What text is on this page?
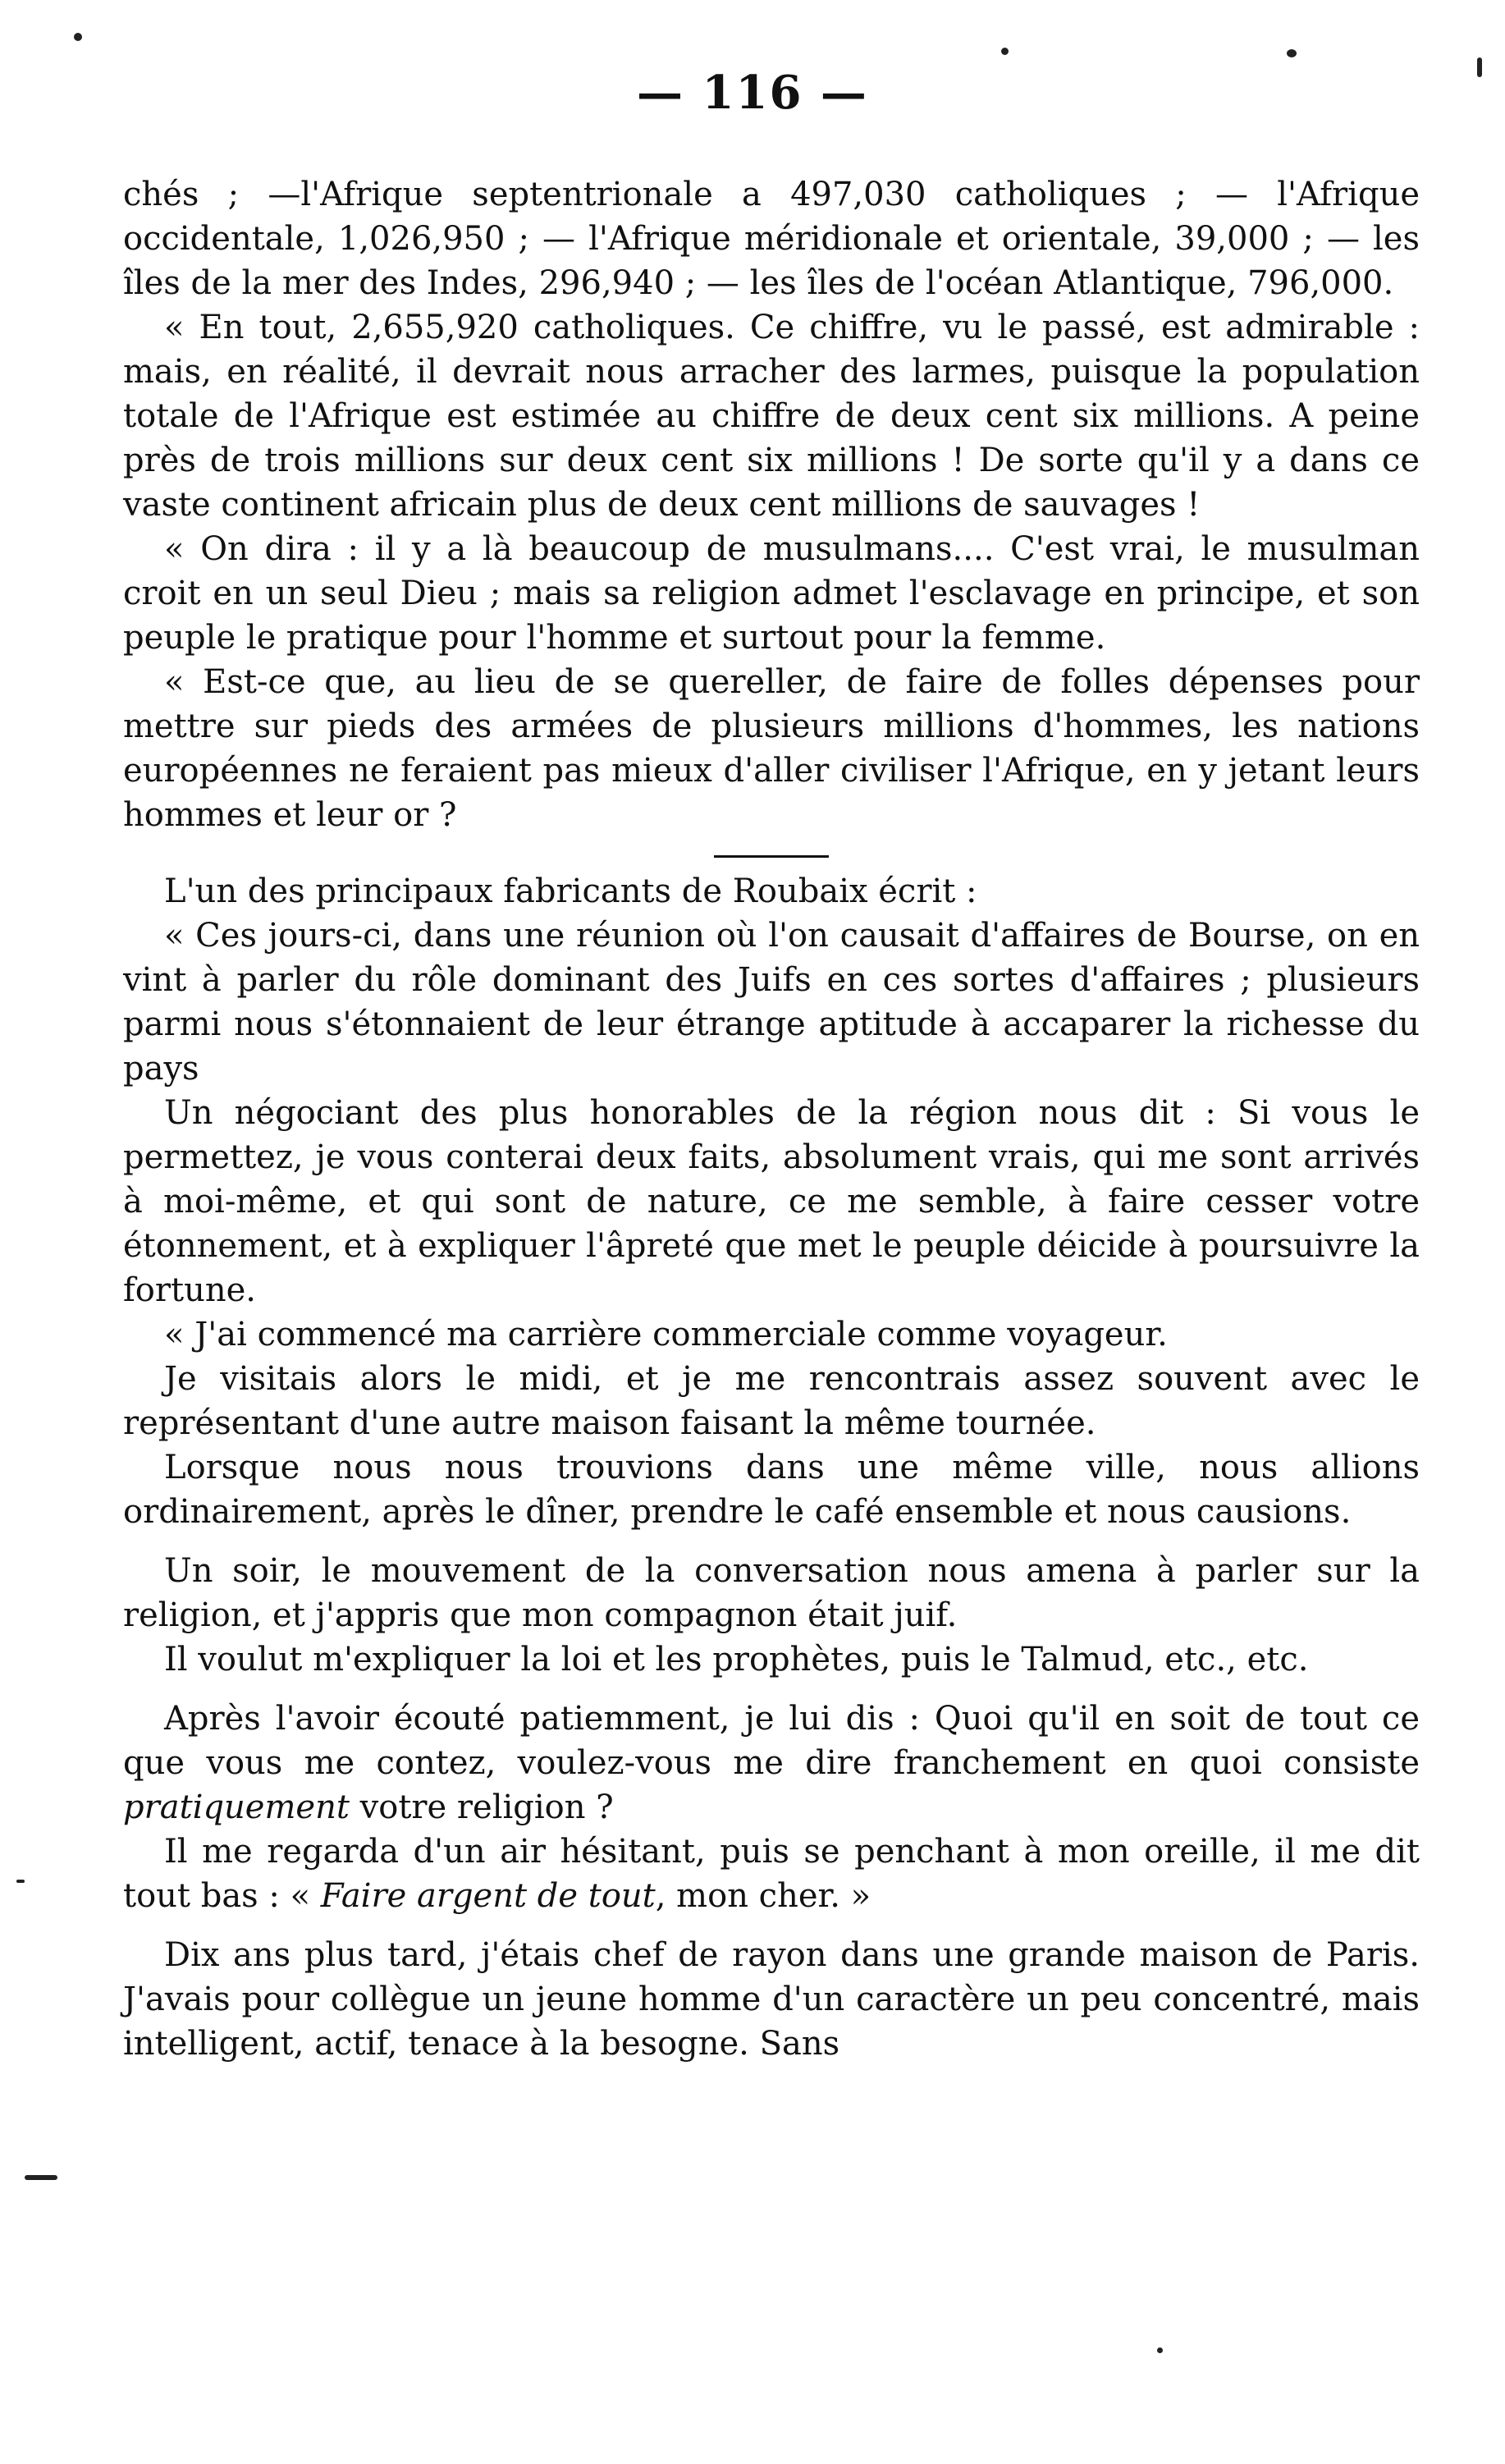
— 116 —

chés ; —l'Afrique septentrionale a 497,030 catholiques ; — l'Afrique occidentale, 1,026,950 ; — l'Afrique méridionale et orientale, 39,000 ; — les îles de la mer des Indes, 296,940 ; — les îles de l'océan Atlantique, 796,000.

« En tout, 2,655,920 catholiques. Ce chiffre, vu le passé, est admirable : mais, en réalité, il devrait nous arracher des larmes, puisque la population totale de l'Afrique est estimée au chiffre de deux cent six millions. A peine près de trois millions sur deux cent six millions ! De sorte qu'il y a dans ce vaste continent africain plus de deux cent millions de sauvages !

« On dira : il y a là beaucoup de musulmans.... C'est vrai, le musulman croit en un seul Dieu ; mais sa religion admet l'esclavage en principe, et son peuple le pratique pour l'homme et surtout pour la femme.

« Est-ce que, au lieu de se quereller, de faire de folles dépenses pour mettre sur pieds des armées de plusieurs millions d'hommes, les nations européennes ne feraient pas mieux d'aller civiliser l'Afrique, en y jetant leurs hommes et leur or ?

L'un des principaux fabricants de Roubaix écrit :

« Ces jours-ci, dans une réunion où l'on causait d'affaires de Bourse, on en vint à parler du rôle dominant des Juifs en ces sortes d'affaires ; plusieurs parmi nous s'étonnaient de leur étrange aptitude à accaparer la richesse du pays

Un négociant des plus honorables de la région nous dit : Si vous le permettez, je vous conterai deux faits, absolument vrais, qui me sont arrivés à moi-même, et qui sont de nature, ce me semble, à faire cesser votre étonnement, et à expliquer l'âpreté que met le peuple déicide à poursuivre la fortune.

« J'ai commencé ma carrière commerciale comme voyageur.

Je visitais alors le midi, et je me rencontrais assez souvent avec le représentant d'une autre maison faisant la même tournée.

Lorsque nous nous trouvions dans une même ville, nous allions ordinairement, après le dîner, prendre le café ensemble et nous causions.

Un soir, le mouvement de la conversation nous amena à parler sur la religion, et j'appris que mon compagnon était juif.

Il voulut m'expliquer la loi et les prophètes, puis le Talmud, etc., etc.

Après l'avoir écouté patiemment, je lui dis : Quoi qu'il en soit de tout ce que vous me contez, voulez-vous me dire franchement en quoi consiste pratiquement votre religion ?

Il me regarda d'un air hésitant, puis se penchant à mon oreille, il me dit tout bas : « Faire argent de tout, mon cher. »

Dix ans plus tard, j'étais chef de rayon dans une grande maison de Paris. J'avais pour collègue un jeune homme d'un caractère un peu concentré, mais intelligent, actif, tenace à la besogne. Sans
